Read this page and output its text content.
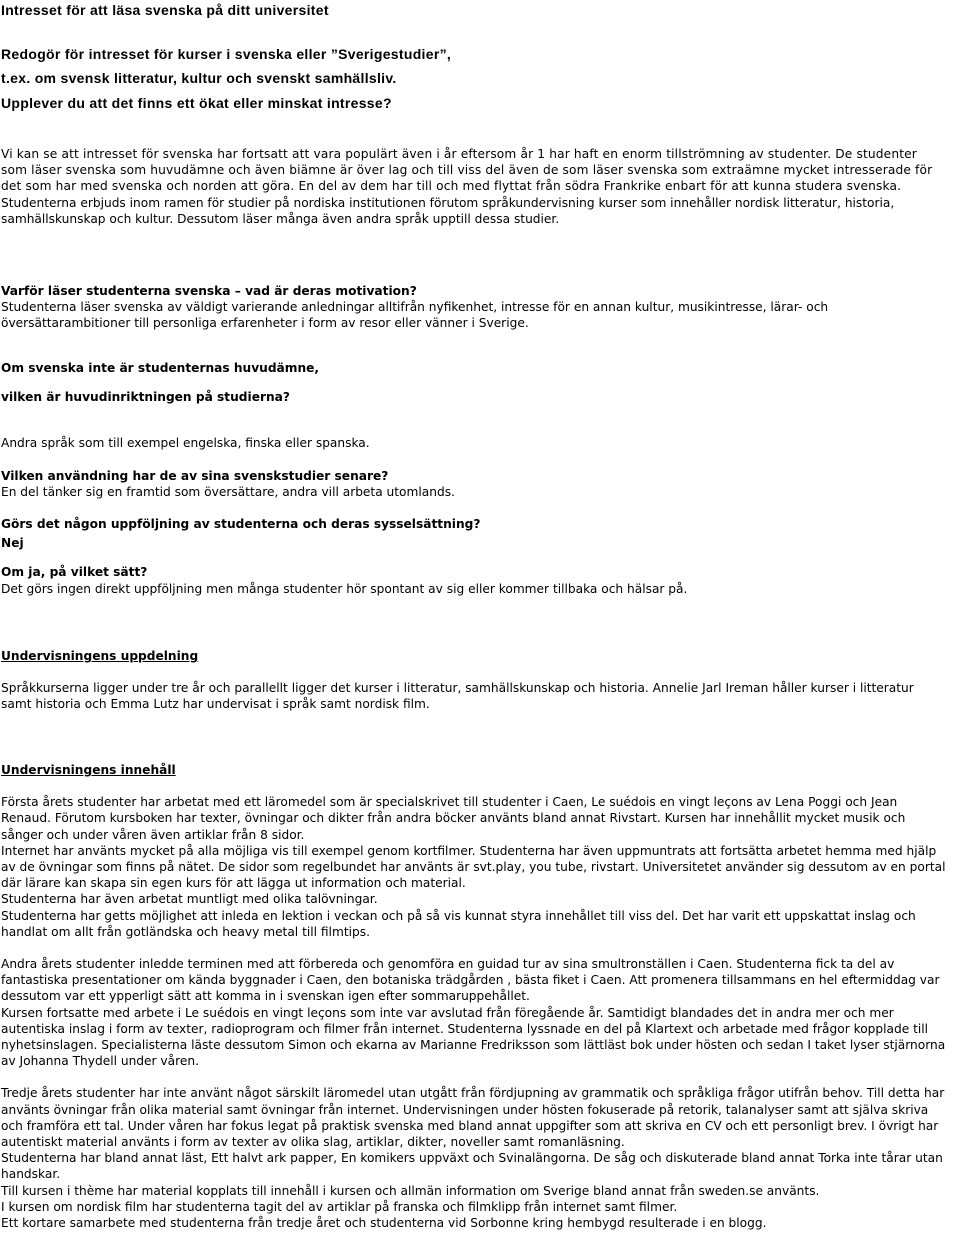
Intresset för att läsa svenska på ditt universitet
Redogör för intresset för kurser i svenska eller ”Sverigestudier”,
t.ex. om svensk litteratur, kultur och svenskt samhällsliv.
Upplever du att det finns ett ökat eller minskat intresse?

Vi kan se att intresset för svenska har fortsatt att vara populärt även i år eftersom år 1 har haft en enorm tillströmning av studenter. De studenter som läser svenska som huvudämne och även biämne är över lag och till viss del även de som läser svenska som extraämne mycket intresserade för det som har med svenska och norden att göra. En del av dem har till och med flyttat från södra Frankrike enbart för att kunna studera svenska.

Studenterna erbjuds inom ramen för studier på nordiska institutionen förutom språkundervisning kurser som innehåller nordisk litteratur, historia, samhällskunskap och kultur. Dessutom läser många även andra språk upptill dessa studier.

Varför läser studenterna svenska – vad är deras motivation?

Studenterna läser svenska av väldigt varierande anledningar alltifrån nyfikenhet, intresse för en annan kultur, musikintresse, lärar- och översättarambitioner till personliga erfarenheter i form av resor eller vänner i Sverige.

Om svenska inte är studenternas huvudämne,

vilken är huvudinriktningen på studierna?

Andra språk som till exempel engelska, finska eller spanska.

Vilken användning har de av sina svenskstudier senare?

En del tänker sig en framtid som översättare, andra vill arbeta utomlands.

Görs det någon uppföljning av studenterna och deras sysselsättning?

Nej

Om ja, på vilket sätt?

Det görs ingen direkt uppföljning men många studenter hör spontant av sig eller kommer tillbaka och hälsar på.

Undervisningens uppdelning

Språkkurserna ligger under tre år och parallellt ligger det kurser i litteratur, samhällskunskap och historia. Annelie Jarl Ireman håller kurser i litteratur samt historia och Emma Lutz har undervisat i språk samt nordisk film.

Undervisningens innehåll

Första årets studenter har arbetat med ett läromedel som är specialskrivet till studenter i Caen, Le suédois en vingt leçons av Lena Poggi och Jean Renaud. Förutom kursboken har texter, övningar och dikter från andra böcker använts bland annat Rivstart. Kursen har innehållit mycket musik och sånger och under våren även artiklar från 8 sidor.

Internet har använts mycket på alla möjliga vis till exempel genom kortfilmer. Studenterna har även uppmuntrats att fortsätta arbetet hemma med hjälp av de övningar som finns på nätet. De sidor som regelbundet har använts är svt.play, you tube, rivstart. Universitetet använder sig dessutom av en portal där lärare kan skapa sin egen kurs för att lägga ut information och material.

Studenterna har även arbetat muntligt med olika talövningar.

Studenterna har getts möjlighet att inleda en lektion i veckan och på så vis kunnat styra innehållet till viss del. Det har varit ett uppskattat inslag och handlat om allt från gotländska och heavy metal till filmtips.

Andra årets studenter inledde terminen med att förbereda och genomföra en guidad tur av sina smultronställen i Caen. Studenterna fick ta del av fantastiska presentationer om kända byggnader i Caen, den botaniska trädgården , bästa fiket i Caen. Att promenera tillsammans en hel eftermiddag var dessutom var ett ypperligt sätt att komma in i svenskan igen efter sommaruppehållet.

Kursen fortsatte med arbete i Le suédois en vingt leçons som inte var avslutad från föregående år. Samtidigt blandades det in andra mer och mer autentiska inslag i form av texter, radioprogram och filmer från internet. Studenterna lyssnade en del på Klartext och arbetade med frågor kopplade till nyhetsinslagen. Specialisterna läste dessutom Simon och ekarna av Marianne Fredriksson som lättläst bok under hösten och sedan I taket lyser stjärnorna av Johanna Thydell under våren.

Tredje årets studenter har inte använt något särskilt läromedel utan utgått från fördjupning av grammatik och språkliga frågor utifrån behov. Till detta har använts övningar från olika material samt övningar från internet. Undervisningen under hösten fokuserade på retorik, talanalyser samt att själva skriva och framföra ett tal. Under våren har fokus legat på praktisk svenska med bland annat uppgifter som att skriva en CV och ett personligt brev. I övrigt har autentiskt material använts i form av texter av olika slag, artiklar, dikter, noveller samt romanläsning.

Studenterna har bland annat läst, Ett halvt ark papper, En komikers uppväxt och Svinalängorna. De såg och diskuterade bland annat Torka inte tårar utan handskar.

Till kursen i thème har material kopplats till innehåll i kursen och allmän information om Sverige bland annat från sweden.se använts.

I kursen om nordisk film har studenterna tagit del av artiklar på franska och filmklipp från internet samt filmer.

Ett kortare samarbete med studenterna från tredje året och studenterna vid Sorbonne kring hembygd resulterade i en blogg.
